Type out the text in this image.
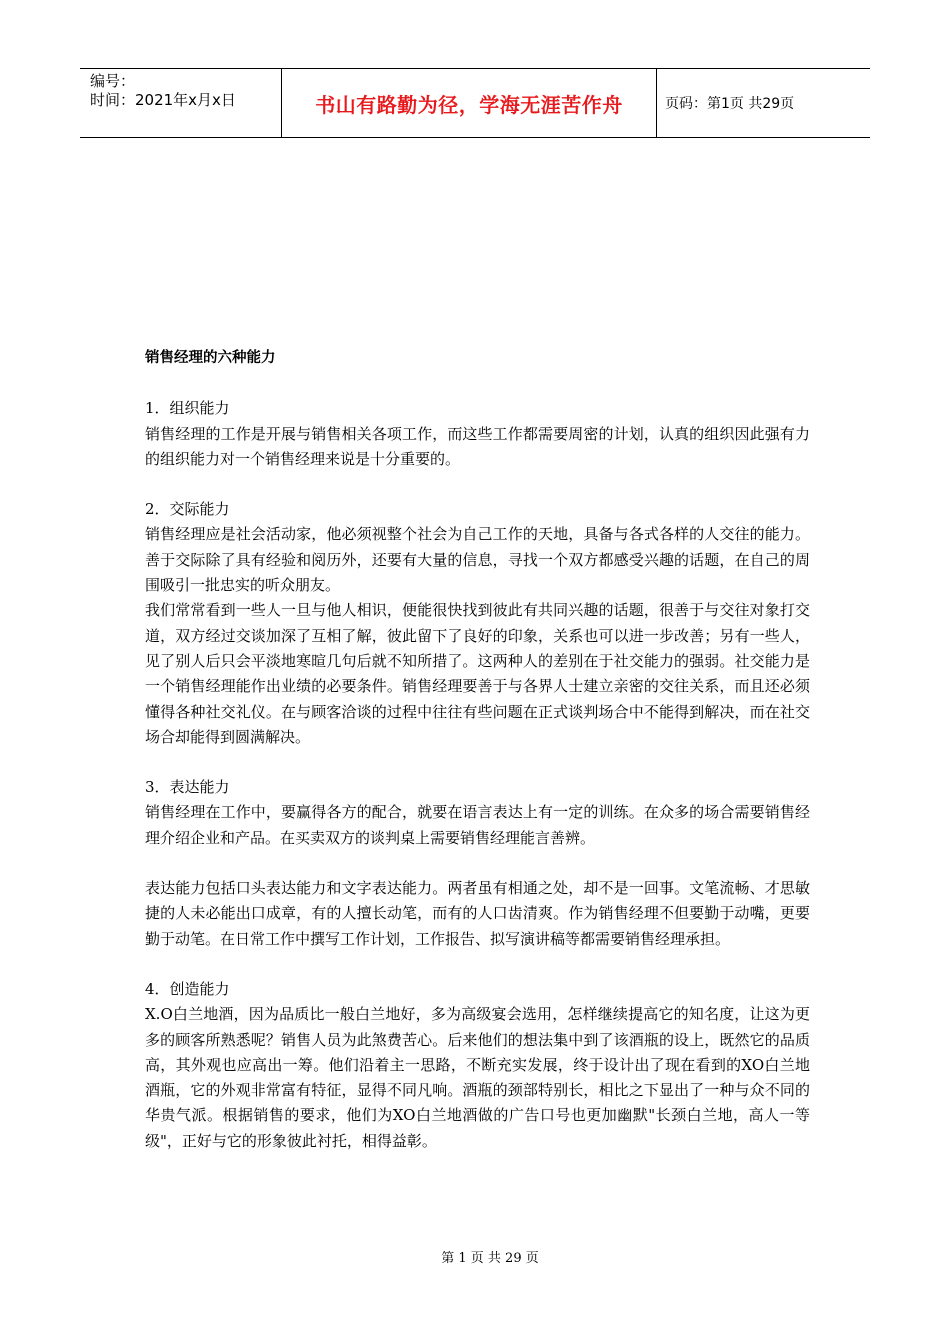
编号：
时间：2021年x月x日	书山有路勤为径，学海无涯苦作舟	页码：第1页 共29页
销售经理的六种能力
1．组织能力

销售经理的工作是开展与销售相关各项工作，而这些工作都需要周密的计划，认真的组织因此强有力的组织能力对一个销售经理来说是十分重要的。

2．交际能力

销售经理应是社会活动家，他必须视整个社会为自己工作的天地，具备与各式各样的人交往的能力。善于交际除了具有经验和阅历外，还要有大量的信息，寻找一个双方都感受兴趣的话题，在自己的周围吸引一批忠实的听众朋友。

我们常常看到一些人一旦与他人相识，便能很快找到彼此有共同兴趣的话题，很善于与交往对象打交道，双方经过交谈加深了互相了解，彼此留下了良好的印象，关系也可以进一步改善；另有一些人，见了别人后只会平淡地寒暄几句后就不知所措了。这两种人的差别在于社交能力的强弱。社交能力是一个销售经理能作出业绩的必要条件。销售经理要善于与各界人士建立亲密的交往关系，而且还必须懂得各种社交礼仪。在与顾客洽谈的过程中往往有些问题在正式谈判场合中不能得到解决，而在社交场合却能得到圆满解决。

3．表达能力

销售经理在工作中，要赢得各方的配合，就要在语言表达上有一定的训练。在众多的场合需要销售经理介绍企业和产品。在买卖双方的谈判桌上需要销售经理能言善辨。

表达能力包括口头表达能力和文字表达能力。两者虽有相通之处，却不是一回事。文笔流畅、才思敏捷的人未必能出口成章，有的人擅长动笔，而有的人口齿清爽。作为销售经理不但要勤于动嘴，更要勤于动笔。在日常工作中撰写工作计划，工作报告、拟写演讲稿等都需要销售经理承担。

4．创造能力

X.O白兰地酒，因为品质比一般白兰地好，多为高级宴会选用，怎样继续提高它的知名度，让这为更多的顾客所熟悉呢？销售人员为此煞费苦心。后来他们的想法集中到了该酒瓶的设上，既然它的品质高，其外观也应高出一筹。他们沿着主一思路，不断充实发展，终于设计出了现在看到的XO白兰地酒瓶，它的外观非常富有特征，显得不同凡响。酒瓶的颈部特别长，相比之下显出了一种与众不同的华贵气派。根据销售的要求，他们为XO白兰地酒做的广告口号也更加幽默"长颈白兰地，高人一等级"，正好与它的形象彼此衬托，相得益彰。

第 1 页 共 29 页
